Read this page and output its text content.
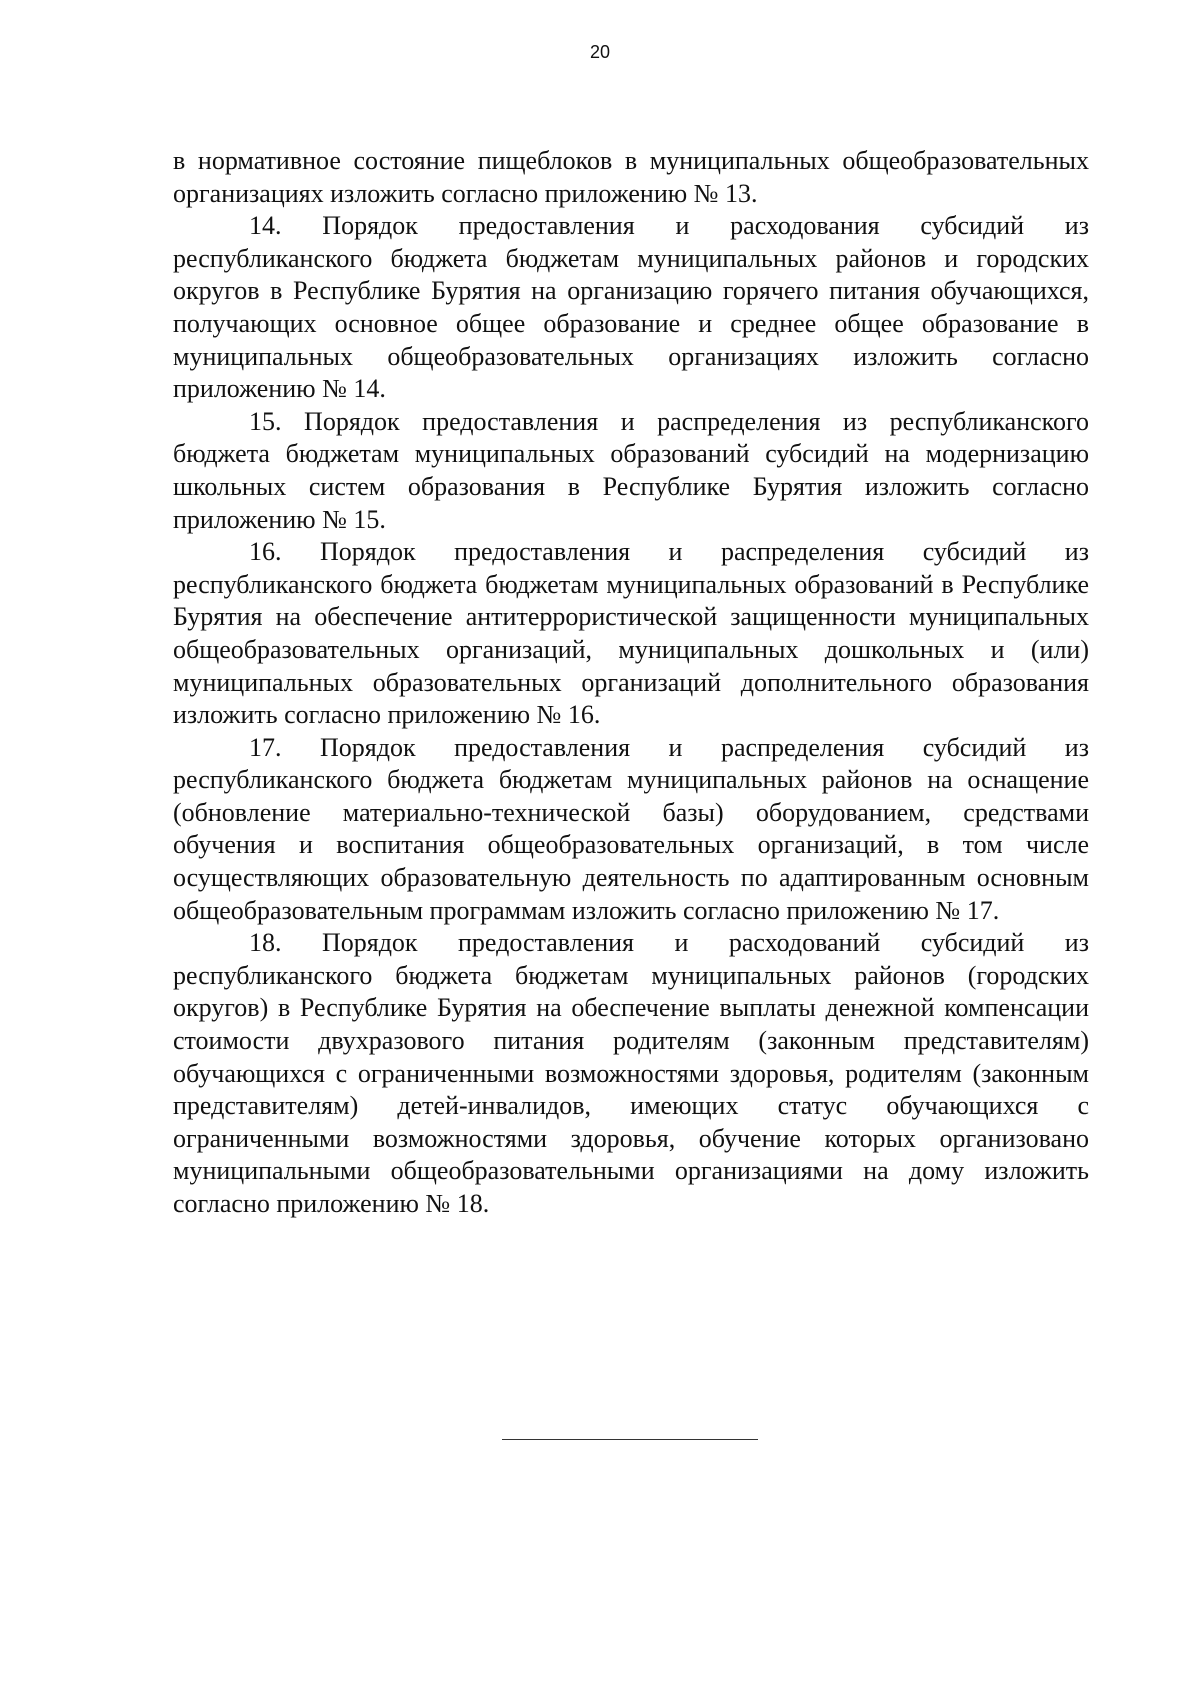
20

в нормативное состояние пищеблоков в муниципальных общеобразовательных организациях изложить согласно приложению № 13.

14. Порядок предоставления и расходования субсидий из республиканского бюджета бюджетам муниципальных районов и городских округов в Республике Бурятия на организацию горячего питания обучающихся, получающих основное общее образование и среднее общее образование в муниципальных общеобразовательных организациях изложить согласно приложению № 14.

15. Порядок предоставления и распределения из республиканского бюджета бюджетам муниципальных образований субсидий на модернизацию школьных систем образования в Республике Бурятия изложить согласно приложению № 15.

16. Порядок предоставления и распределения субсидий из республиканского бюджета бюджетам муниципальных образований в Республике Бурятия на обеспечение антитеррористической защищенности муниципальных общеобразовательных организаций, муниципальных дошкольных и (или) муниципальных образовательных организаций дополнительного образования изложить согласно приложению № 16.

17. Порядок предоставления и распределения субсидий из республиканского бюджета бюджетам муниципальных районов на оснащение (обновление материально-технической базы) оборудованием, средствами обучения и воспитания общеобразовательных организаций, в том числе осуществляющих образовательную деятельность по адаптированным основным общеобразовательным программам изложить согласно приложению № 17.

18. Порядок предоставления и расходований субсидий из республиканского бюджета бюджетам муниципальных районов (городских округов) в Республике Бурятия на обеспечение выплаты денежной компенсации стоимости двухразового питания родителям (законным представителям) обучающихся с ограниченными возможностями здоровья, родителям (законным представителям) детей-инвалидов, имеющих статус обучающихся с ограниченными возможностями здоровья, обучение которых организовано муниципальными общеобразовательными организациями на дому изложить согласно приложению № 18.
